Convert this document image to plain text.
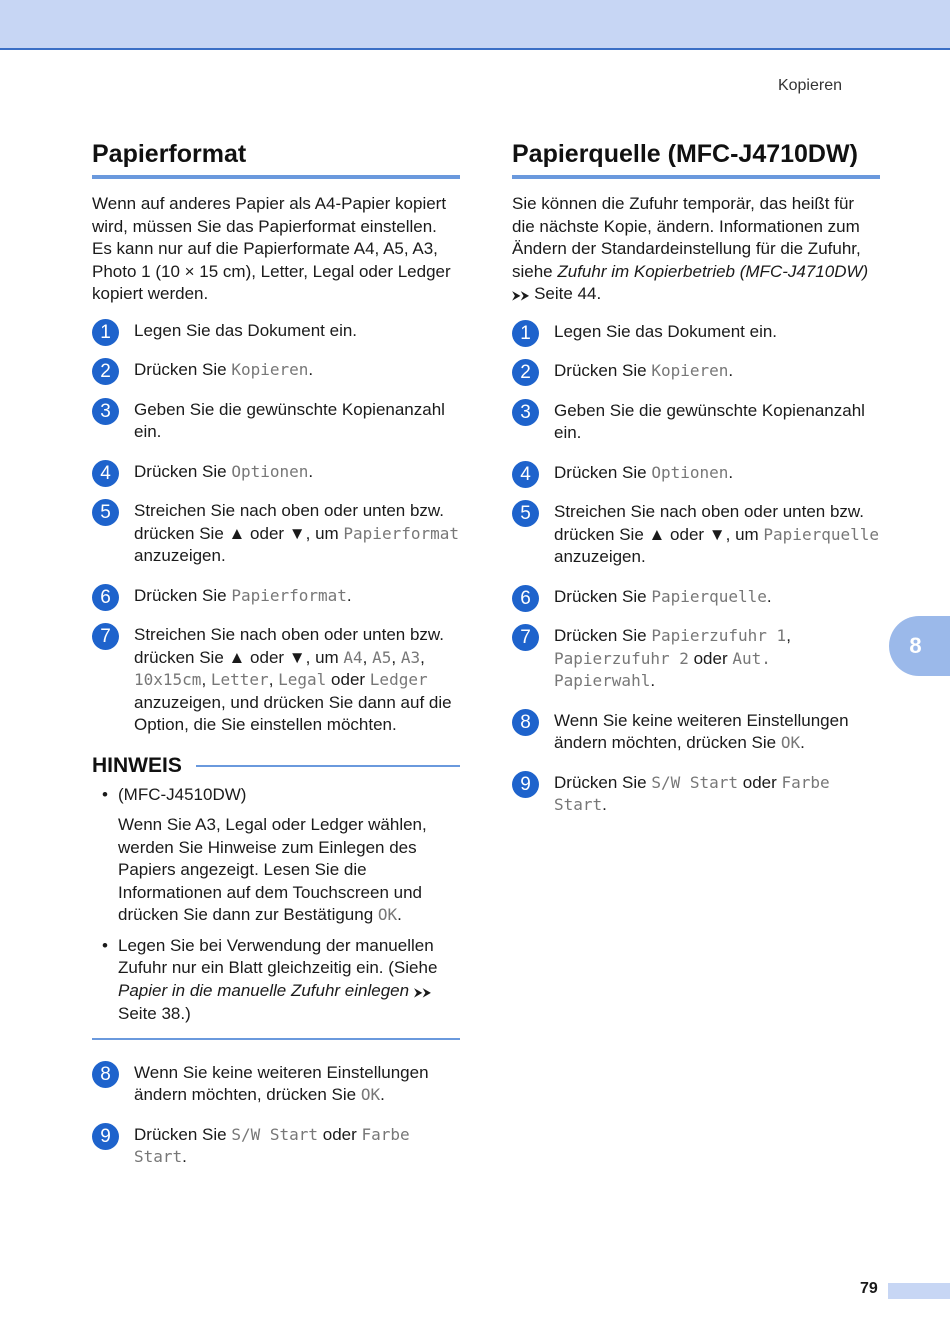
Kopieren
Papierformat

Wenn auf anderes Papier als A4-Papier kopiert wird, müssen Sie das Papierformat einstellen. Es kann nur auf die Papierformate A4, A5, A3, Photo 1 (10 × 15 cm), Letter, Legal oder Ledger kopiert werden.

1	Legen Sie das Dokument ein.
2	Drücken Sie Kopieren.
3	Geben Sie die gewünschte Kopienanzahl ein.
4	Drücken Sie Optionen.
5	Streichen Sie nach oben oder unten bzw. drücken Sie ▲ oder ▼, um Papierformat anzuzeigen.
6	Drücken Sie Papierformat.
7	Streichen Sie nach oben oder unten bzw. drücken Sie ▲ oder ▼, um A4, A5, A3, 10x15cm, Letter, Legal oder Ledger anzuzeigen, und drücken Sie dann auf die Option, die Sie einstellen möchten.
HINWEIS
• (MFC-J4510DW)

Wenn Sie A3, Legal oder Ledger wählen, werden Sie Hinweise zum Einlegen des Papiers angezeigt. Lesen Sie die Informationen auf dem Touchscreen und drücken Sie dann zur Bestätigung OK.

• Legen Sie bei Verwendung der manuellen Zufuhr nur ein Blatt gleichzeitig ein. (Siehe Papier in die manuelle Zufuhr einlegen ⮞⮞ Seite 38.)
8	Wenn Sie keine weiteren Einstellungen ändern möchten, drücken Sie OK.
9	Drücken Sie S/W Start oder Farbe Start.
Papierquelle (MFC-J4710DW)

Sie können die Zufuhr temporär, das heißt für die nächste Kopie, ändern. Informationen zum Ändern der Standardeinstellung für die Zufuhr, siehe Zufuhr im Kopierbetrieb (MFC-J4710DW) ⮞⮞ Seite 44.

1	Legen Sie das Dokument ein.
2	Drücken Sie Kopieren.
3	Geben Sie die gewünschte Kopienanzahl ein.
4	Drücken Sie Optionen.
5	Streichen Sie nach oben oder unten bzw. drücken Sie ▲ oder ▼, um Papierquelle anzuzeigen.
6	Drücken Sie Papierquelle.
7	Drücken Sie Papierzufuhr 1, Papierzufuhr 2 oder Aut. Papierwahl.
8	Wenn Sie keine weiteren Einstellungen ändern möchten, drücken Sie OK.
9	Drücken Sie S/W Start oder Farbe Start.
8
79
